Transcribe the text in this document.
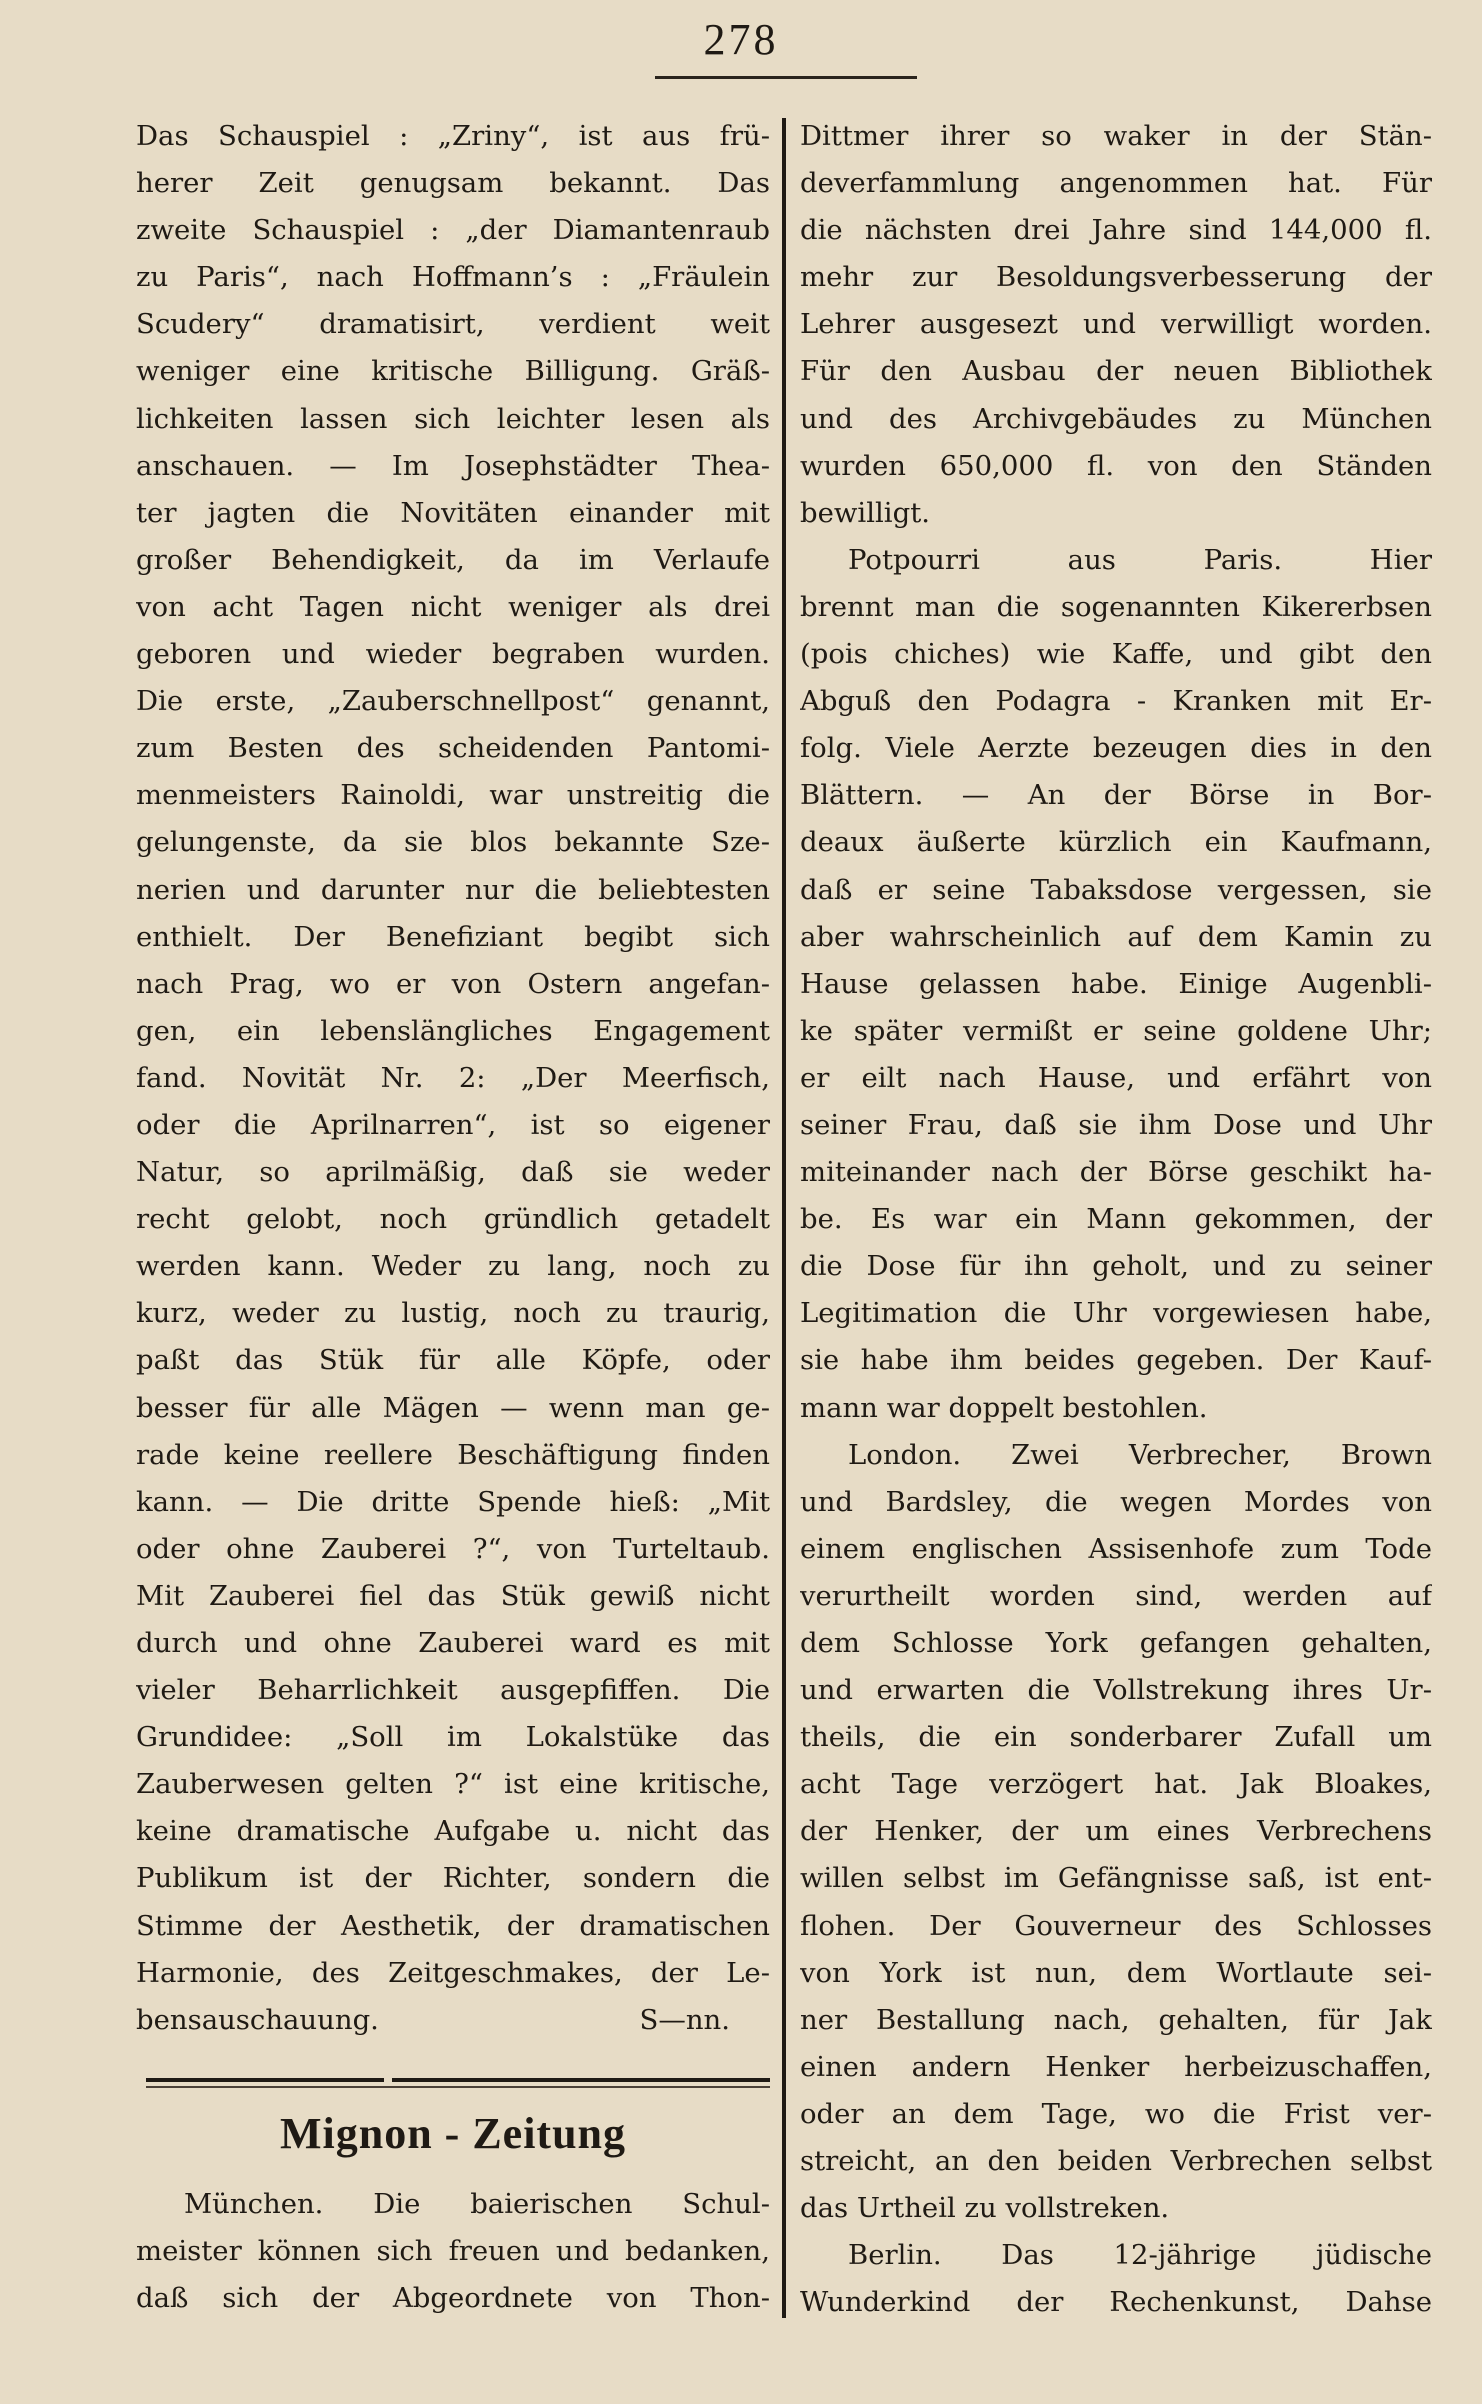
278
Das Schauspiel : „Zriny“, ist aus frü-
herer Zeit genugsam bekannt. Das
zweite Schauspiel : „der Diamantenraub
zu Paris“, nach Hoffmann’s : „Fräulein
Scudery“ dramatisirt, verdient weit
weniger eine kritische Billigung. Gräß-
lichkeiten lassen sich leichter lesen als
anschauen. — Im Josephstädter Thea-
ter jagten die Novitäten einander mit
großer Behendigkeit, da im Verlaufe
von acht Tagen nicht weniger als drei
geboren und wieder begraben wurden.
Die erste, „Zauberschnellpost“ genannt,
zum Besten des scheidenden Pantomi-
menmeisters Rainoldi, war unstreitig die
gelungenste, da sie blos bekannte Sze-
nerien und darunter nur die beliebtesten
enthielt. Der Benefiziant begibt sich
nach Prag, wo er von Ostern angefan-
gen, ein lebenslängliches Engagement
fand. Novität Nr. 2: „Der Meerfisch,
oder die Aprilnarren“, ist so eigener
Natur, so aprilmäßig, daß sie weder
recht gelobt, noch gründlich getadelt
werden kann. Weder zu lang, noch zu
kurz, weder zu lustig, noch zu traurig,
paßt das Stük für alle Köpfe, oder
besser für alle Mägen — wenn man ge-
rade keine reellere Beschäftigung finden
kann. — Die dritte Spende hieß: „Mit
oder ohne Zauberei ?“, von Turteltaub.
Mit Zauberei fiel das Stük gewiß nicht
durch und ohne Zauberei ward es mit
vieler Beharrlichkeit ausgepfiffen. Die
Grundidee: „Soll im Lokalstüke das
Zauberwesen gelten ?“ ist eine kritische,
keine dramatische Aufgabe u. nicht das
Publikum ist der Richter, sondern die
Stimme der Aesthetik, der dramatischen
Harmonie, des Zeitgeschmakes, der Le-
bensauschauung.	S—nn.
Mignon - Zeitung
München. Die baierischen Schul-
meister können sich freuen und bedanken,
daß sich der Abgeordnete von Thon-
Dittmer ihrer so waker in der Stän-
deverfammlung angenommen hat. Für
die nächsten drei Jahre sind 144,000 fl.
mehr zur Besoldungsverbesserung der
Lehrer ausgesezt und verwilligt worden.
Für den Ausbau der neuen Bibliothek
und des Archivgebäudes zu München
wurden 650,000 fl. von den Ständen
bewilligt.
Potpourri aus Paris. Hier
brennt man die sogenannten Kikererbsen
(pois chiches) wie Kaffe, und gibt den
Abguß den Podagra - Kranken mit Er-
folg. Viele Aerzte bezeugen dies in den
Blättern. — An der Börse in Bor-
deaux äußerte kürzlich ein Kaufmann,
daß er seine Tabaksdose vergessen, sie
aber wahrscheinlich auf dem Kamin zu
Hause gelassen habe. Einige Augenbli-
ke später vermißt er seine goldene Uhr;
er eilt nach Hause, und erfährt von
seiner Frau, daß sie ihm Dose und Uhr
miteinander nach der Börse geschikt ha-
be. Es war ein Mann gekommen, der
die Dose für ihn geholt, und zu seiner
Legitimation die Uhr vorgewiesen habe,
sie habe ihm beides gegeben. Der Kauf-
mann war doppelt bestohlen.
London. Zwei Verbrecher, Brown
und Bardsley, die wegen Mordes von
einem englischen Assisenhofe zum Tode
verurtheilt worden sind, werden auf
dem Schlosse York gefangen gehalten,
und erwarten die Vollstrekung ihres Ur-
theils, die ein sonderbarer Zufall um
acht Tage verzögert hat. Jak Bloakes,
der Henker, der um eines Verbrechens
willen selbst im Gefängnisse saß, ist ent-
flohen. Der Gouverneur des Schlosses
von York ist nun, dem Wortlaute sei-
ner Bestallung nach, gehalten, für Jak
einen andern Henker herbeizuschaffen,
oder an dem Tage, wo die Frist ver-
streicht, an den beiden Verbrechen selbst
das Urtheil zu vollstreken.
Berlin. Das 12-jährige jüdische
Wunderkind der Rechenkunst, Dahse
